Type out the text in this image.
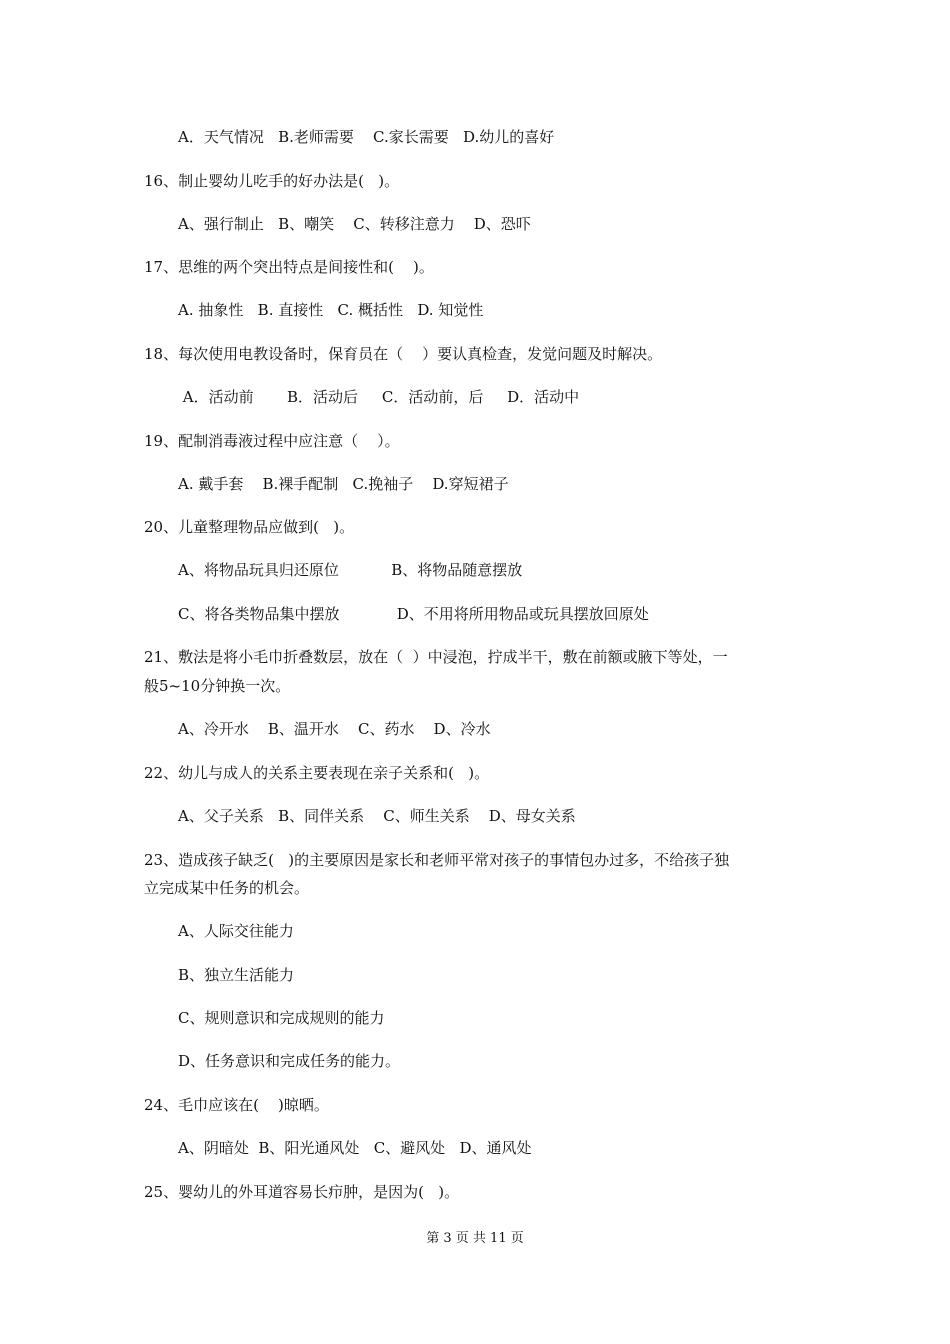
A．天气情况   B.老师需要    C.家长需要   D.幼儿的喜好
16、制止婴幼儿吃手的好办法是(   )。
A、强行制止   B、嘲笑    C、转移注意力    D、恐吓
17、思维的两个突出特点是间接性和(    )。
A. 抽象性   B. 直接性   C. 概括性   D. 知觉性
18、每次使用电教设备时，保育员在（    ）要认真检查，发觉问题及时解决。
A．活动前       B．活动后     C．活动前，后     D．活动中
19、配制消毒液过程中应注意（    ）。
A. 戴手套    B.裸手配制   C.挽袖子    D.穿短裙子
20、儿童整理物品应做到(   )。
A、将物品玩具归还原位           B、将物品随意摆放
C、将各类物品集中摆放            D、不用将所用物品或玩具摆放回原处
21、敷法是将小毛巾折叠数层，放在（  ）中浸泡，拧成半干，敷在前额或腋下等处，一
般5~10分钟换一次。
A、冷开水    B、温开水    C、药水    D、冷水
22、幼儿与成人的关系主要表现在亲子关系和(   )。
A、父子关系   B、同伴关系    C、师生关系    D、母女关系
23、造成孩子缺乏(   )的主要原因是家长和老师平常对孩子的事情包办过多，不给孩子独
立完成某中任务的机会。
A、人际交往能力
B、独立生活能力
C、规则意识和完成规则的能力
D、任务意识和完成任务的能力。
24、毛巾应该在(    )晾晒。
A、阴暗处  B、阳光通风处   C、避风处   D、通风处
25、婴幼儿的外耳道容易长疖肿，是因为(   )。
第 3 页 共 11 页
